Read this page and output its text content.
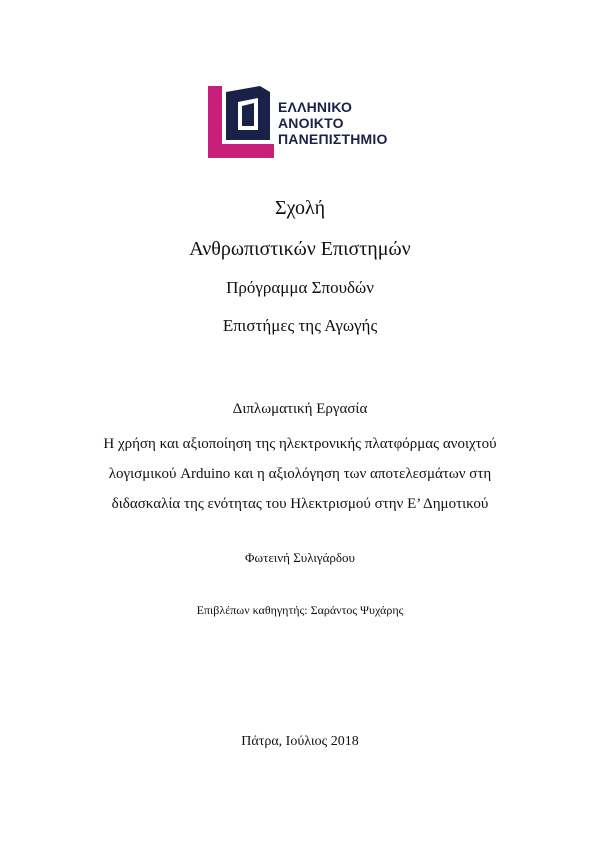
ΕΛΛΗΝΙΚΟ
ΑΝΟΙΚΤΟ
ΠΑΝΕΠΙΣΤΗΜΙΟ
Σχολή
Ανθρωπιστικών Επιστημών
Πρόγραμμα Σπουδών
Επιστήμες της Αγωγής
Διπλωματική Εργασία
Η χρήση και αξιοποίηση της ηλεκτρονικής πλατφόρμας ανοιχτού
λογισμικού Arduino και η αξιολόγηση των αποτελεσμάτων στη
διδασκαλία της ενότητας του Ηλεκτρισμού στην Ε’ Δημοτικού
Φωτεινή Συλιγάρδου
Επιβλέπων καθηγητής: Σαράντος Ψυχάρης
Πάτρα, Ιούλιος 2018
